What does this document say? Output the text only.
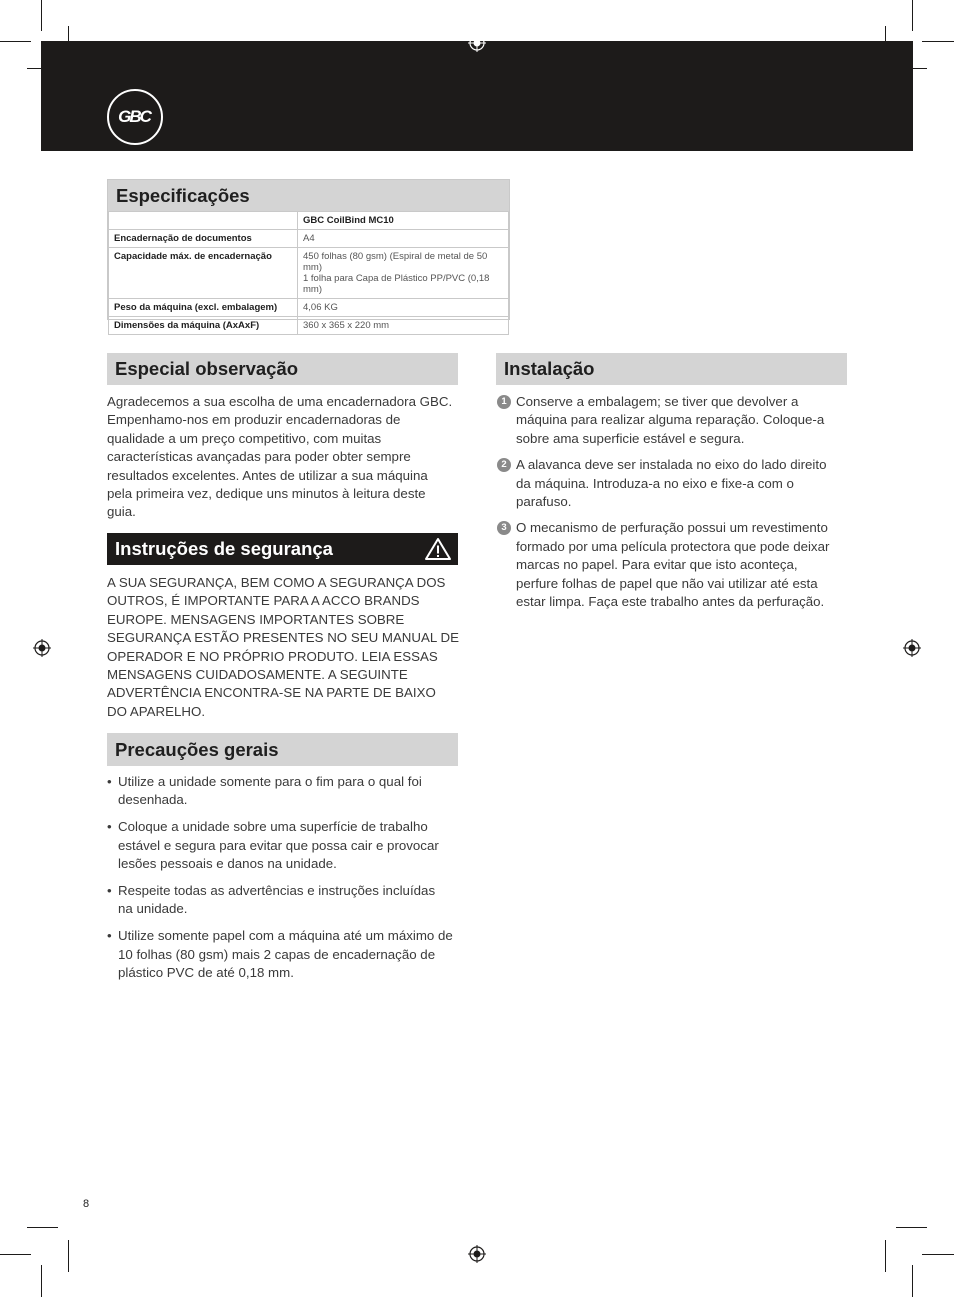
GBC
Especificações
	GBC CoilBind MC10
Encadernação de documentos	A4
Capacidade máx. de encadernação	450 folhas (80 gsm) (Espiral de metal de 50 mm)
1 folha para Capa de Plástico PP/PVC (0,18 mm)

Peso da máquina (excl. embalagem)	4,06 KG
Dimensões da máquina (AxAxF)	360 x 365 x 220 mm
Especial observação
Agradecemos a sua escolha de uma encadernadora GBC. Empenhamo-nos em produzir encadernadoras de qualidade a um preço competitivo, com muitas características avançadas para poder obter sempre resultados excelentes. Antes de utilizar a sua máquina pela primeira vez, dedique uns minutos à leitura deste guia.
Instruções de segurança
A SUA SEGURANÇA, BEM COMO A SEGURANÇA DOS OUTROS, É IMPORTANTE PARA A ACCO BRANDS EUROPE. MENSAGENS IMPORTANTES SOBRE SEGURANÇA ESTÃO PRESENTES NO SEU MANUAL DE OPERADOR E NO PRÓPRIO PRODUTO. LEIA ESSAS MENSAGENS CUIDADOSAMENTE. A SEGUINTE ADVERTÊNCIA ENCONTRA-SE NA PARTE DE BAIXO DO APARELHO.
Precauções gerais
• Utilize a unidade somente para o fim para o qual foi desenhada.
• Coloque a unidade sobre uma superfície de trabalho estável e segura para evitar que possa cair e provocar lesões pessoais e danos na unidade.
• Respeite todas as advertências e instruções incluídas na unidade.
• Utilize somente papel com a máquina até um máximo de 10 folhas (80 gsm) mais 2 capas de encadernação de plástico PVC de até 0,18 mm.
Instalação
1 Conserve a embalagem; se tiver que devolver a máquina para realizar alguma reparação. Coloque-a sobre ama superficie estável e segura.
2 A alavanca deve ser instalada no eixo do lado direito da máquina. Introduza-a no eixo e fixe-a com o parafuso.
3 O mecanismo de perfuração possui um revestimento formado por uma película protectora que pode deixar marcas no papel. Para evitar que isto aconteça, perfure folhas de papel que não vai utilizar até esta estar limpa. Faça este trabalho antes da perfuração.
8
